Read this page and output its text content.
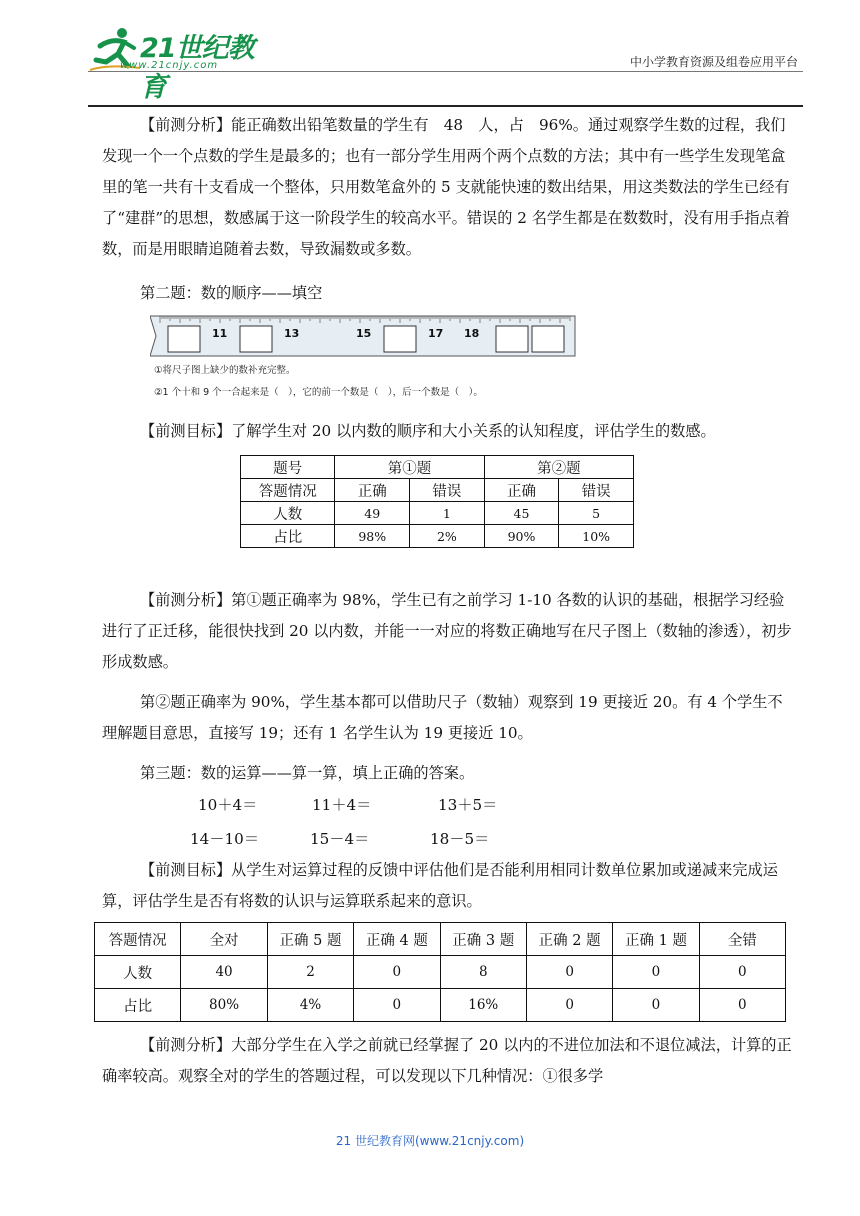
21世纪教育
www.21cnjy.com	中小学教育资源及组卷应用平台

【前测分析】能正确数出铅笔数量的学生有　48　人，占　96%。通过观察学生数的过程，我们发现一个一个点数的学生是最多的；也有一部分学生用两个两个点数的方法；其中有一些学生发现笔盒里的笔一共有十支看成一个整体，只用数笔盒外的 5 支就能快速的数出结果，用这类数法的学生已经有了“建群”的思想，数感属于这一阶段学生的较高水平。错误的 2 名学生都是在数数时，没有用手指点着数，而是用眼睛追随着去数，导致漏数或多数。

第二题：数的顺序——填空
11	13	15	17 18
①将尺子图上缺少的数补充完整。
②1 个十和 9 个一合起来是（　），它的前一个数是（　），后一个数是（　）。
【前测目标】了解学生对 20 以内数的顺序和大小关系的认知程度，评估学生的数感。
题号	第①题		第②题	
答题情况	正确	错误	正确	错误
人数	49	1	45	5
占比	98%	2%	90%	10%

【前测分析】第①题正确率为 98%，学生已有之前学习 1-10 各数的认识的基础，根据学习经验进行了正迁移，能很快找到 20 以内数，并能一一对应的将数正确地写在尺子图上（数轴的渗透），初步形成数感。

第②题正确率为 90%，学生基本都可以借助尺子（数轴）观察到 19 更接近 20。有 4 个学生不理解题目意思，直接写 19；还有 1 名学生认为 19 更接近 10。

第三题：数的运算——算一算，填上正确的答案。
10＋4＝	11＋4＝	13＋5＝
14－10＝	15－4＝	18－5＝

【前测目标】从学生对运算过程的反馈中评估他们是否能利用相同计数单位累加或递减来完成运算，评估学生是否有将数的认识与运算联系起来的意识。

答题情况	全对	正确 5 题	正确 4 题	正确 3 题	正确 2 题	正确 1 题	全错
人数	40	2	0	8	0	0	0
占比	80%	4%	0	16%	0	0	0

【前测分析】大部分学生在入学之前就已经掌握了 20 以内的不进位加法和不退位减法，计算的正确率较高。观察全对的学生的答题过程，可以发现以下几种情况：①很多学

21 世纪教育网(www.21cnjy.com)
